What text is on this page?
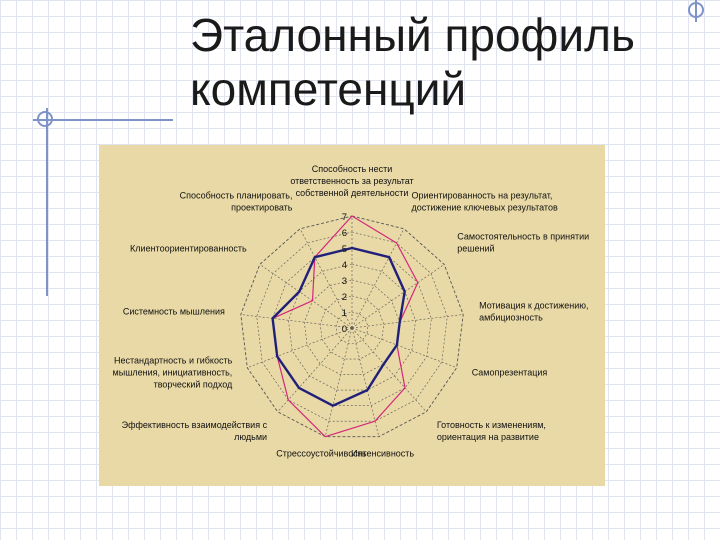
Эталонный профиль
компетенций
0
1
2
3
4
5
6
7
Способность нести ответственность за результат собственной деятельности Ориентированность на результат, достижение ключевых результатов
Самостоятельность в принятии решений
Мотивация к достижению, амбициозность
Самопрезентация
Готовность к изменениям, ориентация на развитие
Интенсивность
Стрессоустойчивость
Эффективность взаимодействия с людьми
Нестандартность и гибкость мышления, инициативность, творческий подход
Системность мышления
Клиентоориентированность
Способность планировать, проектировать
